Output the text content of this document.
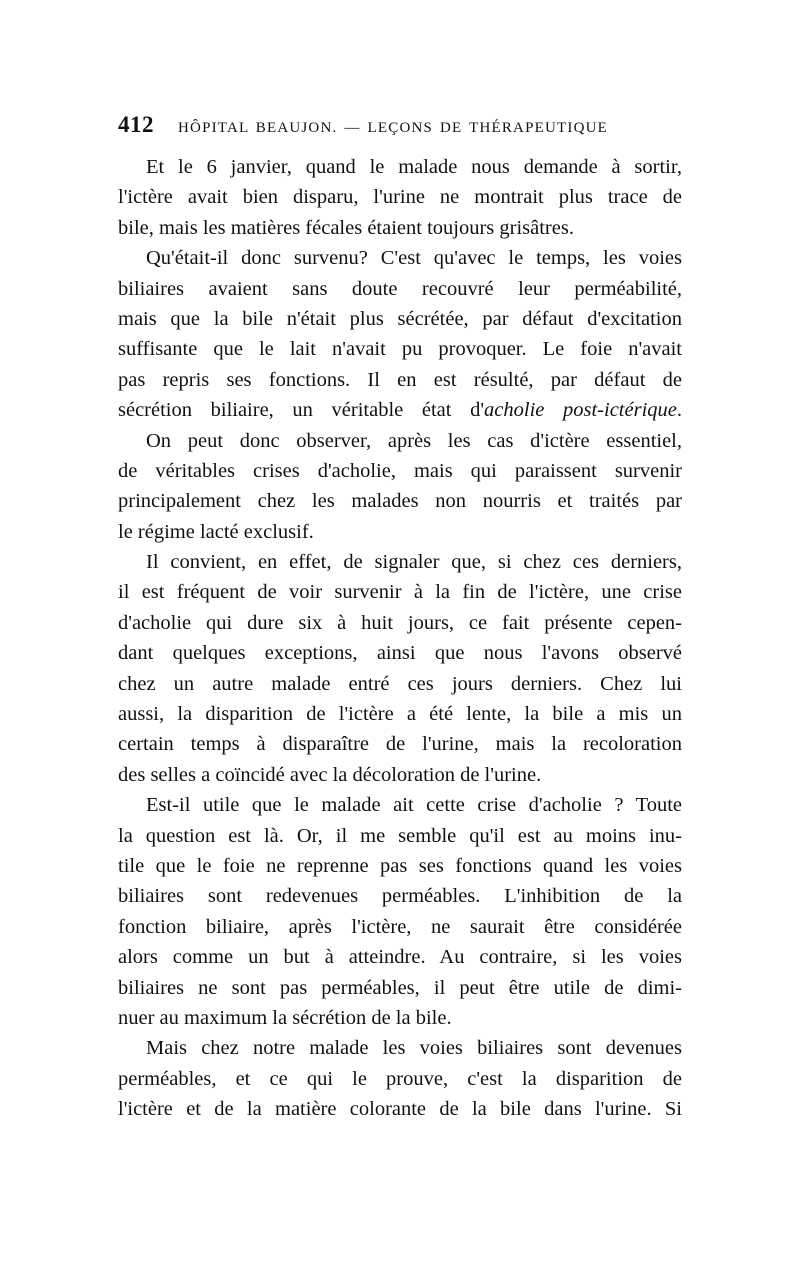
412 HÔPITAL BEAUJON. — LEÇONS DE THÉRAPEUTIQUE
Et le 6 janvier, quand le malade nous demande à sortir,
l'ictère avait bien disparu, l'urine ne montrait plus trace de
bile, mais les matières fécales étaient toujours grisâtres.
Qu'était-il donc survenu? C'est qu'avec le temps, les voies
biliaires avaient sans doute recouvré leur perméabilité,
mais que la bile n'était plus sécrétée, par défaut d'excitation
suffisante que le lait n'avait pu provoquer. Le foie n'avait
pas repris ses fonctions. Il en est résulté, par défaut de
sécrétion biliaire, un véritable état d'acholie post-ictérique.
On peut donc observer, après les cas d'ictère essentiel,
de véritables crises d'acholie, mais qui paraissent survenir
principalement chez les malades non nourris et traités par
le régime lacté exclusif.
Il convient, en effet, de signaler que, si chez ces derniers,
il est fréquent de voir survenir à la fin de l'ictère, une crise
d'acholie qui dure six à huit jours, ce fait présente cepen-
dant quelques exceptions, ainsi que nous l'avons observé
chez un autre malade entré ces jours derniers. Chez lui
aussi, la disparition de l'ictère a été lente, la bile a mis un
certain temps à disparaître de l'urine, mais la recoloration
des selles a coïncidé avec la décoloration de l'urine.
Est-il utile que le malade ait cette crise d'acholie ? Toute
la question est là. Or, il me semble qu'il est au moins inu-
tile que le foie ne reprenne pas ses fonctions quand les voies
biliaires sont redevenues perméables. L'inhibition de la
fonction biliaire, après l'ictère, ne saurait être considérée
alors comme un but à atteindre. Au contraire, si les voies
biliaires ne sont pas perméables, il peut être utile de dimi-
nuer au maximum la sécrétion de la bile.
Mais chez notre malade les voies biliaires sont devenues
perméables, et ce qui le prouve, c'est la disparition de
l'ictère et de la matière colorante de la bile dans l'urine. Si
